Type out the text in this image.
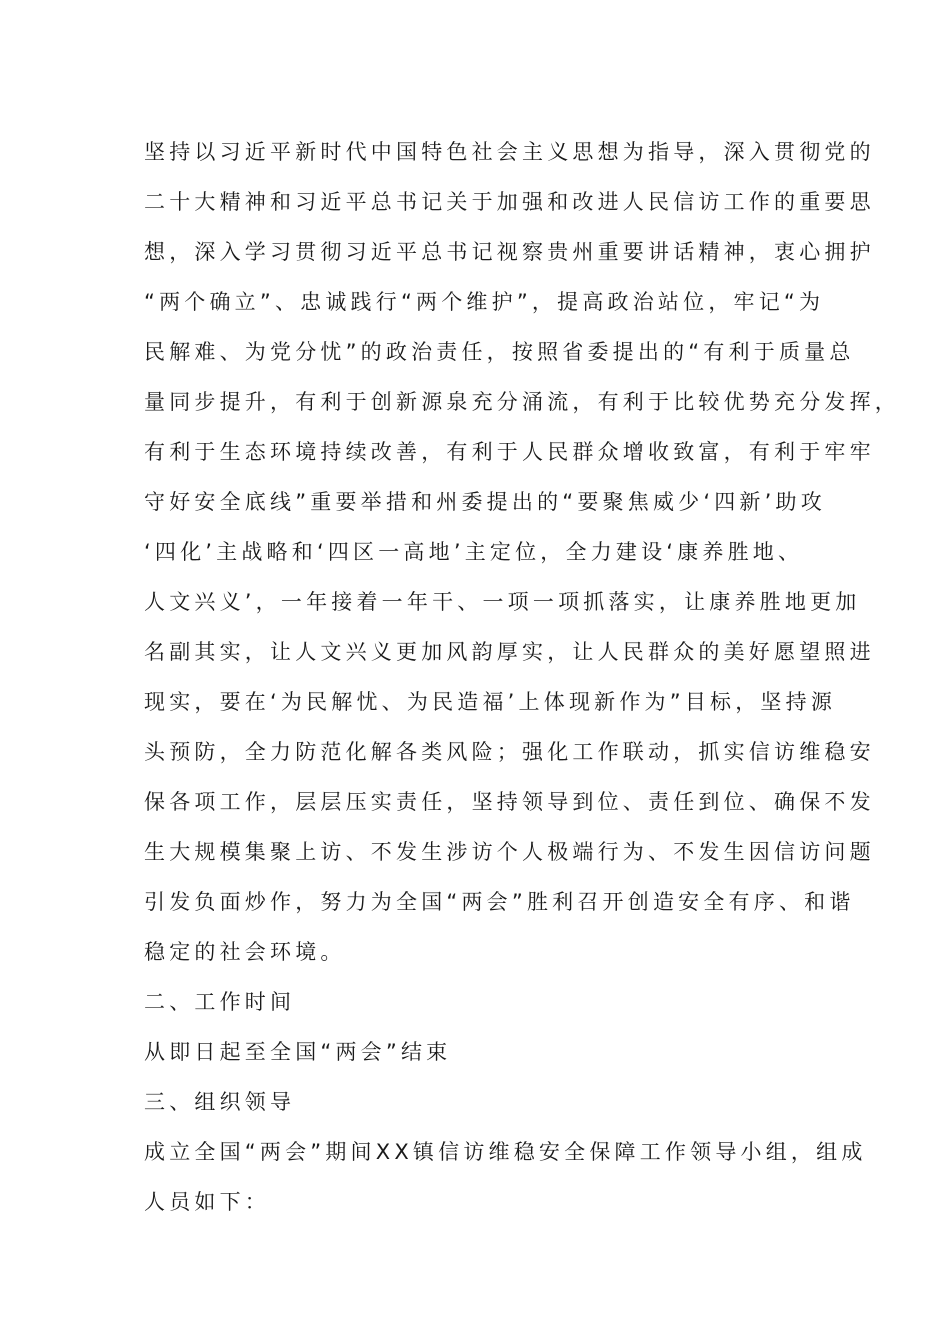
坚持以习近平新时代中国特色社会主义思想为指导，深入贯彻党的
二十大精神和习近平总书记关于加强和改进人民信访工作的重要思
想，深入学习贯彻习近平总书记视察贵州重要讲话精神，衷心拥护
“两个确立”、忠诚践行“两个维护”，提高政治站位，牢记“为
民解难、为党分忧”的政治责任，按照省委提出的“有利于质量总
量同步提升，有利于创新源泉充分涌流，有利于比较优势充分发挥，
有利于生态环境持续改善，有利于人民群众增收致富，有利于牢牢
守好安全底线”重要举措和州委提出的“要聚焦威少‘四新’助攻
‘四化’主战略和‘四区一高地’主定位，全力建设‘康养胜地、
人文兴义’，一年接着一年干、一项一项抓落实，让康养胜地更加
名副其实，让人文兴义更加风韵厚实，让人民群众的美好愿望照进
现实，要在‘为民解忧、为民造福’上体现新作为”目标，坚持源
头预防，全力防范化解各类风险；强化工作联动，抓实信访维稳安
保各项工作，层层压实责任，坚持领导到位、责任到位、确保不发
生大规模集聚上访、不发生涉访个人极端行为、不发生因信访问题
引发负面炒作，努力为全国“两会”胜利召开创造安全有序、和谐
稳定的社会环境。
二、工作时间
从即日起至全国“两会”结束
三、组织领导
成立全国“两会”期间XX镇信访维稳安全保障工作领导小组，组成
人员如下：
